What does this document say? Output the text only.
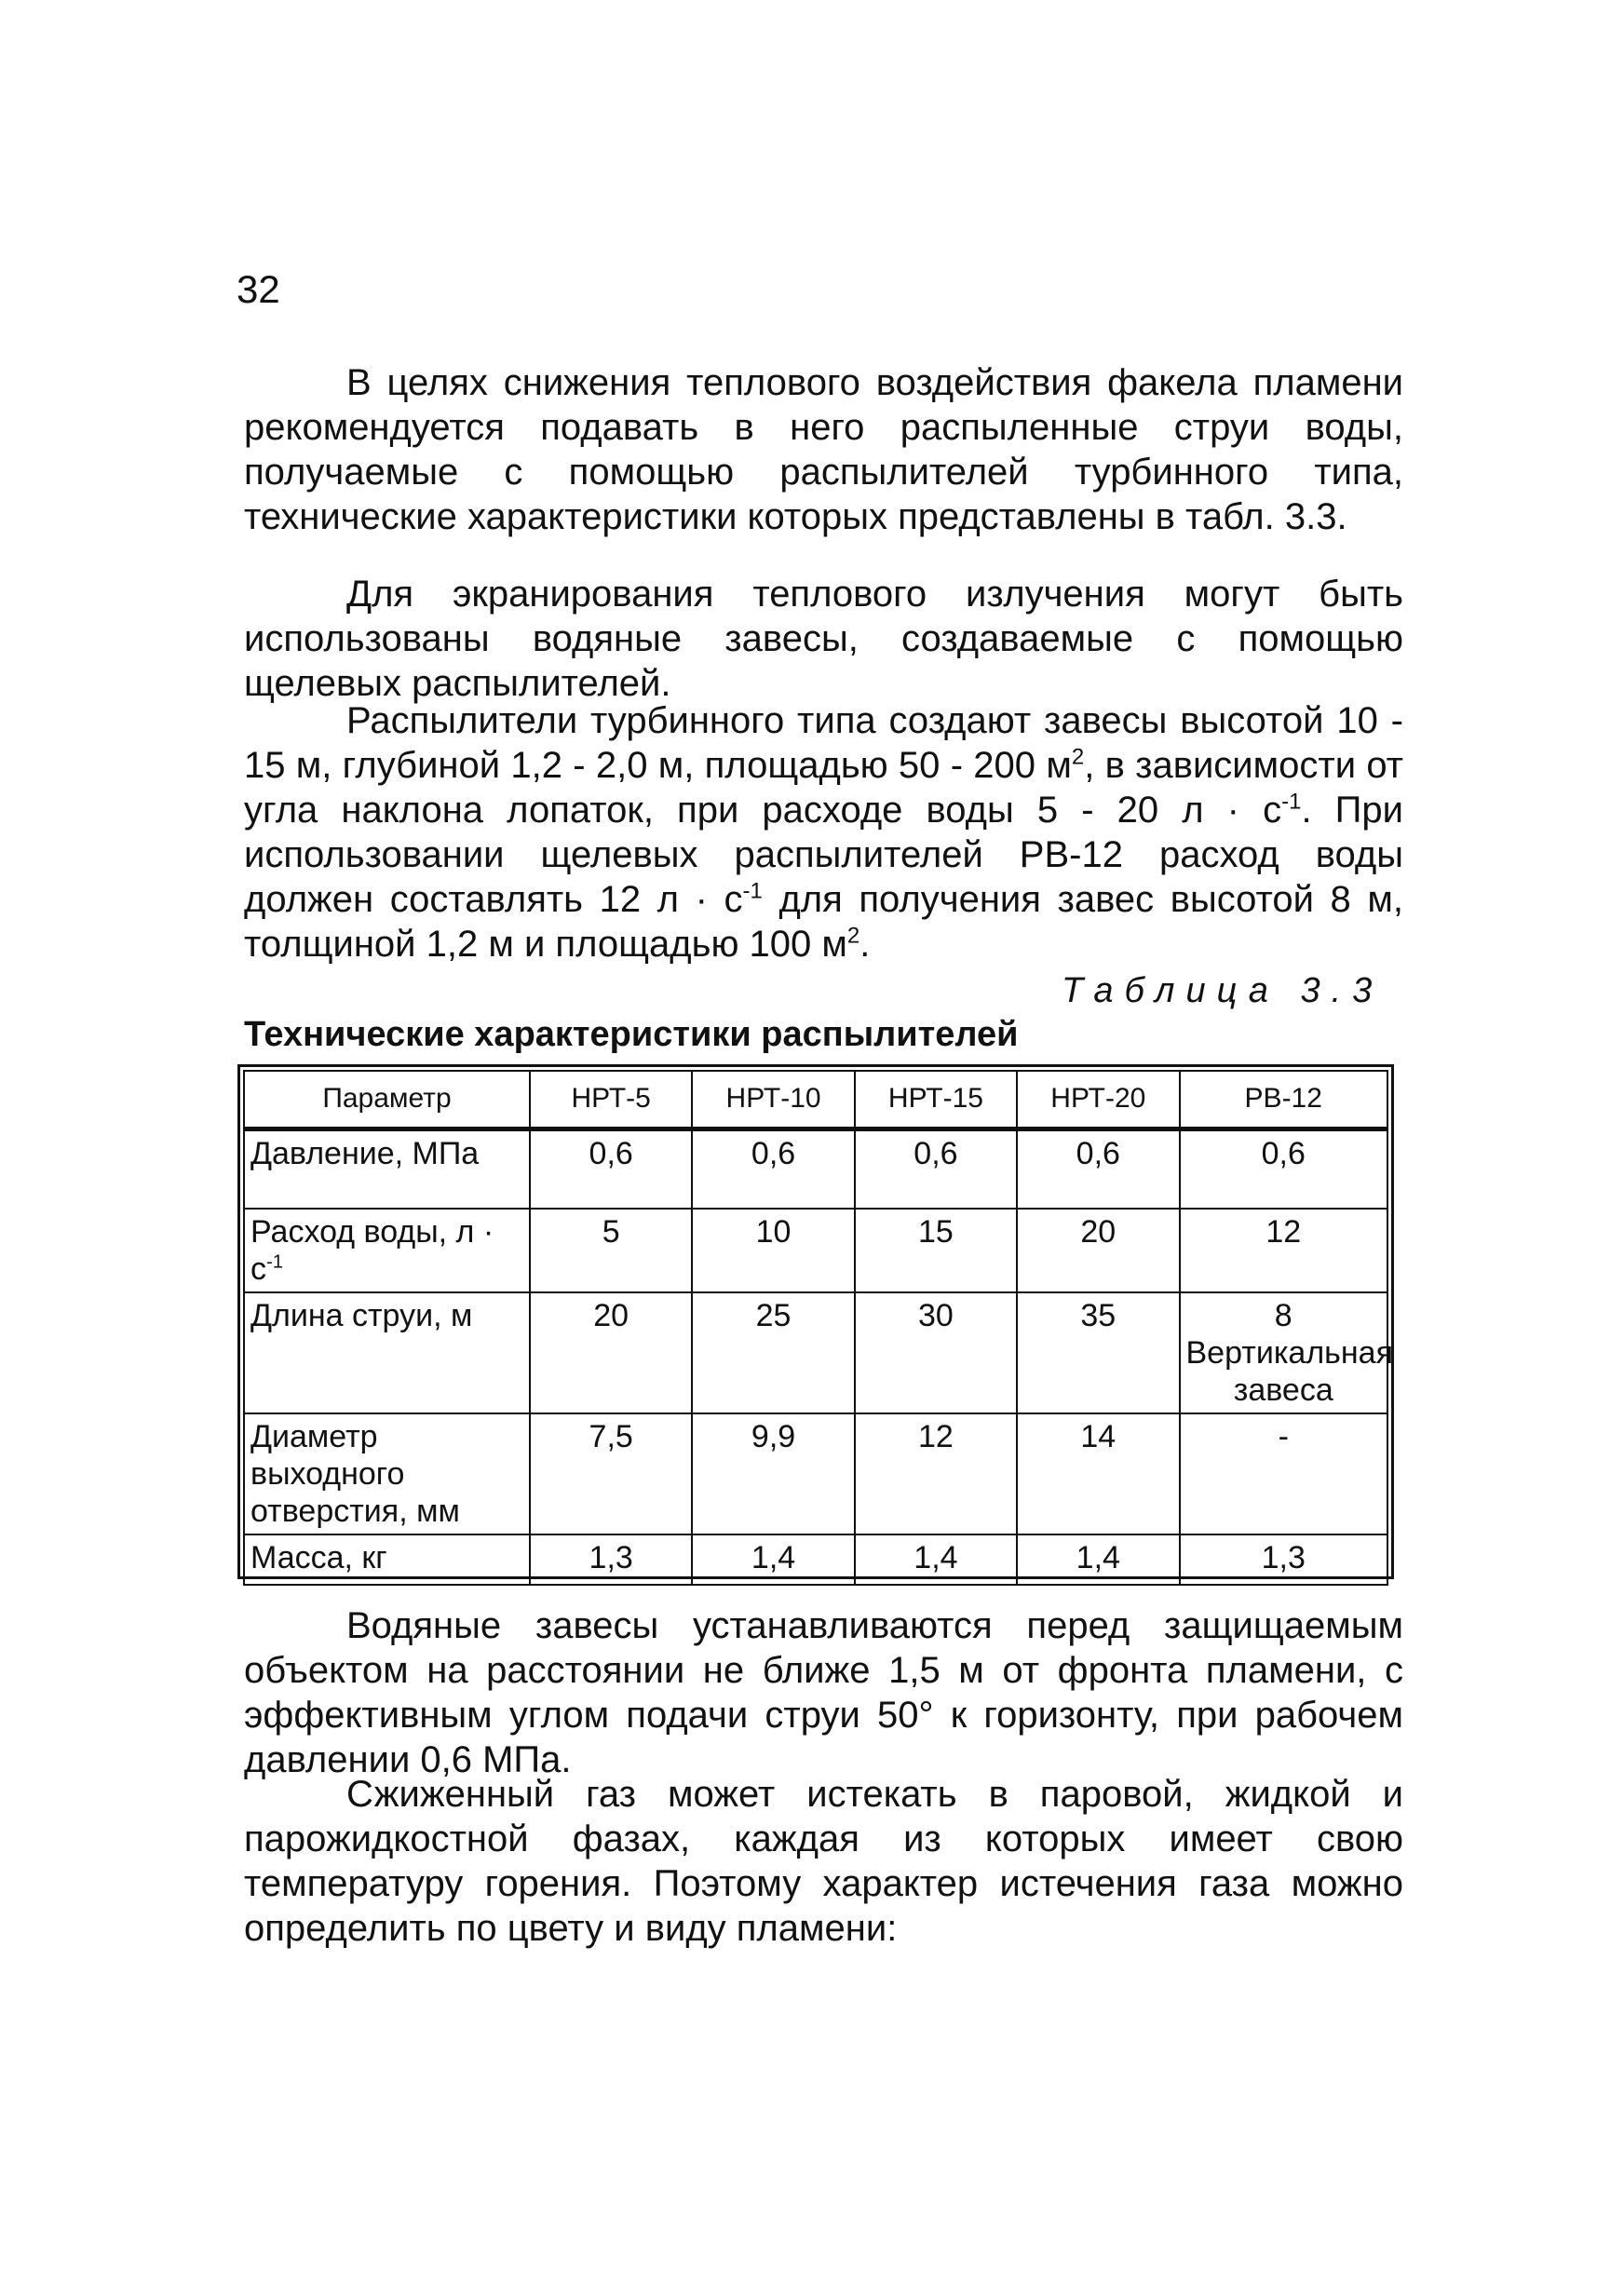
32

В целях снижения теплового воздействия факела пламени рекомендуется подавать в него распыленные струи воды, получаемые с помощью распылителей турбинного типа, технические характеристики которых представлены в табл. 3.3.

Для экранирования теплового излучения могут быть использованы водяные завесы, создаваемые с помощью щелевых распылителей.

Распылители турбинного типа создают завесы высотой 10 - 15 м, глубиной 1,2 - 2,0 м, площадью 50 - 200 $м^2$, в зависимости от угла наклона лопаток, при расходе воды 5 - 20 $л \cdot с^{-1}$. При использовании щелевых распылителей РВ-12 расход воды должен составлять 12 $л \cdot с^{-1}$ для получения завес высотой 8 м, толщиной 1,2 м и площадью 100 $м^2$.

Таблица 3.3
Технические характеристики распылителей
Параметр	НРТ-5	НРТ-10	НРТ-15	НРТ-20	РВ-12
Давление, МПа	0,6	0,6	0,6	0,6	0,6
Расход воды, $л \cdot с^{-1}$	5	10	15	20	12
Длина струи, м	20	25	30	35	8
Вертикальная завеса

Диаметр выходного отверстия, мм	7,5	9,9	12	14	-
Масса, кг	1,3	1,4	1,4	1,4	1,3

Водяные завесы устанавливаются перед защищаемым объектом на расстоянии не ближе 1,5 м от фронта пламени, с эффективным углом подачи струи 50° к горизонту, при рабочем давлении 0,6 МПа.

Сжиженный газ может истекать в паровой, жидкой и парожидкостной фазах, каждая из которых имеет свою температуру горения. Поэтому характер истечения газа можно определить по цвету и виду пламени:
